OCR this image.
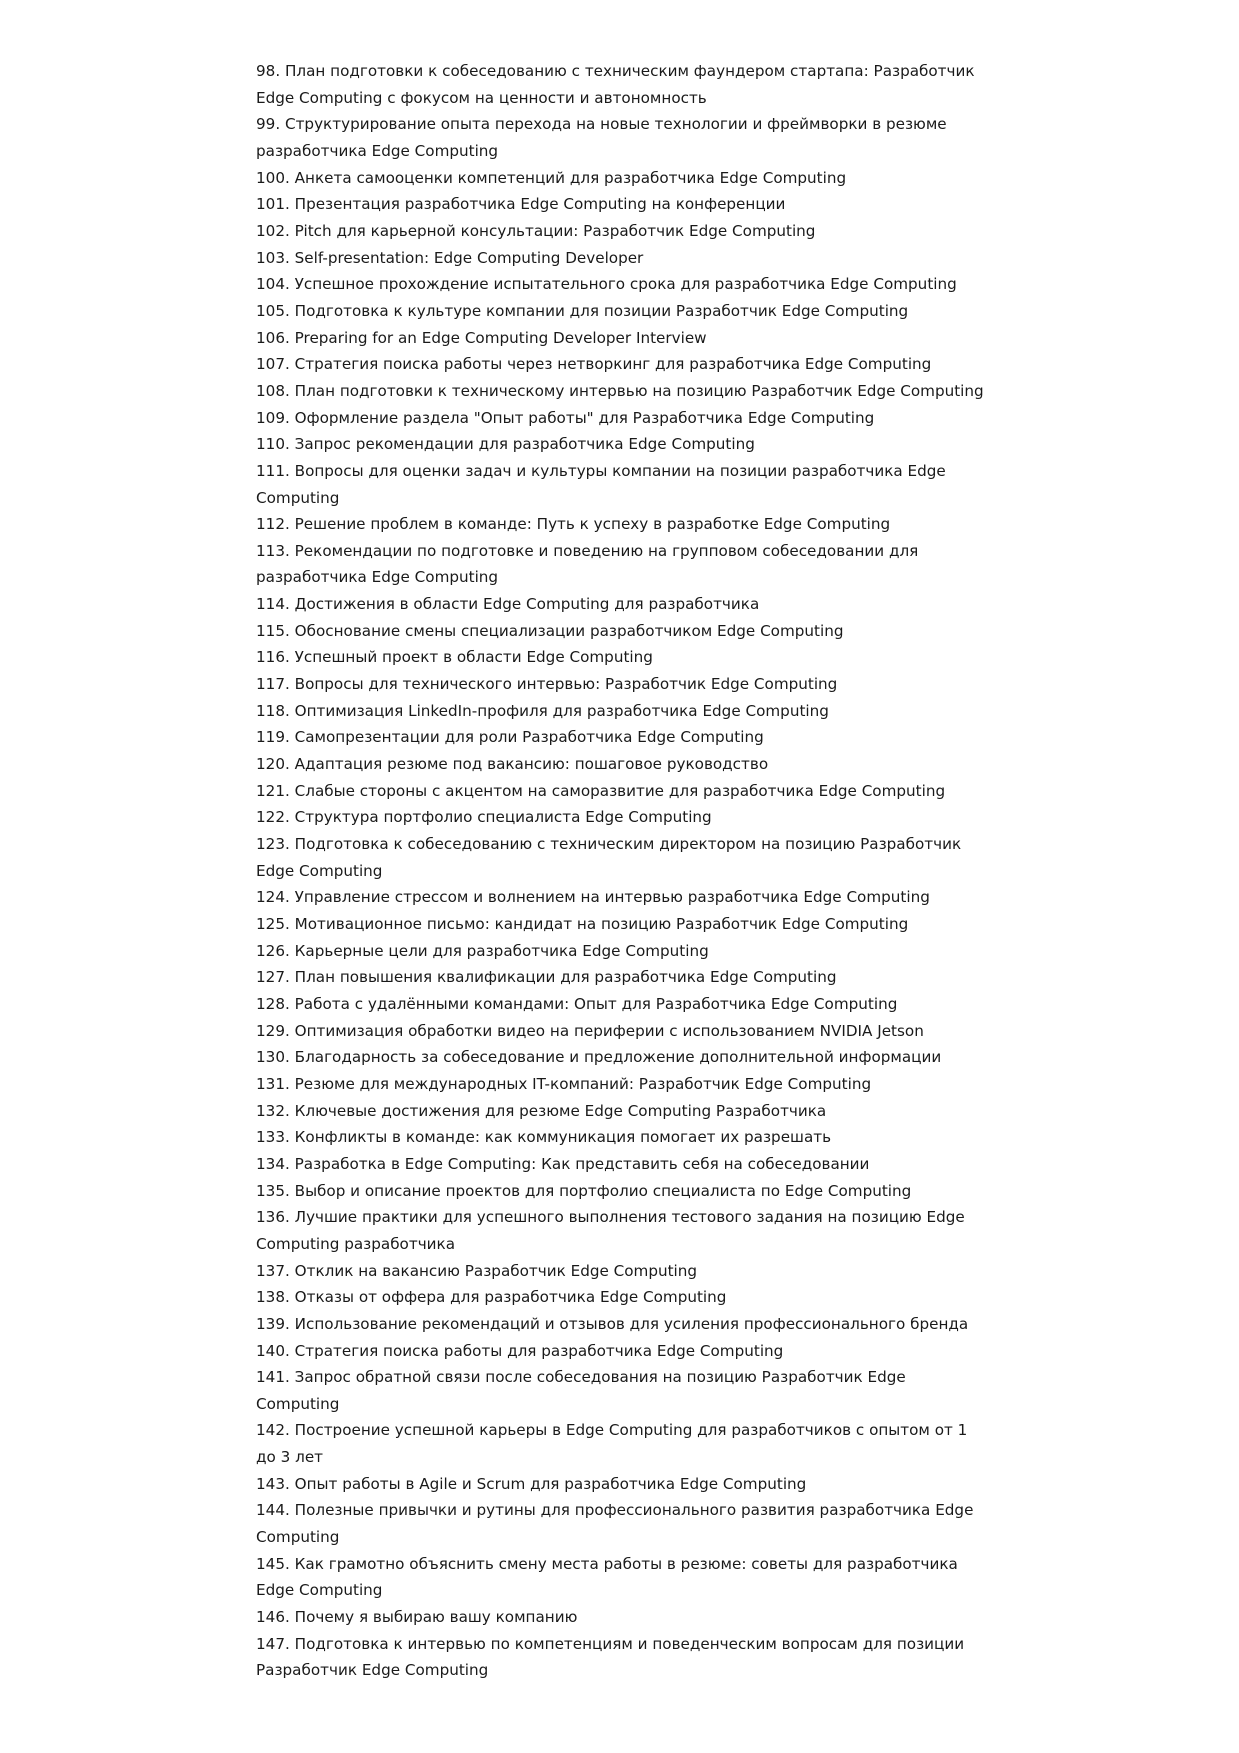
98. План подготовки к собеседованию с техническим фаундером стартапа: Разработчик Edge Computing с фокусом на ценности и автономность

99. Структурирование опыта перехода на новые технологии и фреймворки в резюме разработчика Edge Computing

100. Анкета самооценки компетенций для разработчика Edge Computing

101. Презентация разработчика Edge Computing на конференции

102. Pitch для карьерной консультации: Разработчик Edge Computing

103. Self-presentation: Edge Computing Developer

104. Успешное прохождение испытательного срока для разработчика Edge Computing

105. Подготовка к культуре компании для позиции Разработчик Edge Computing

106. Preparing for an Edge Computing Developer Interview

107. Стратегия поиска работы через нетворкинг для разработчика Edge Computing

108. План подготовки к техническому интервью на позицию Разработчик Edge Computing

109. Оформление раздела "Опыт работы" для Разработчика Edge Computing

110. Запрос рекомендации для разработчика Edge Computing

111. Вопросы для оценки задач и культуры компании на позиции разработчика Edge Computing

112. Решение проблем в команде: Путь к успеху в разработке Edge Computing

113. Рекомендации по подготовке и поведению на групповом собеседовании для разработчика Edge Computing

114. Достижения в области Edge Computing для разработчика

115. Обоснование смены специализации разработчиком Edge Computing

116. Успешный проект в области Edge Computing

117. Вопросы для технического интервью: Разработчик Edge Computing

118. Оптимизация LinkedIn-профиля для разработчика Edge Computing

119. Самопрезентации для роли Разработчика Edge Computing

120. Адаптация резюме под вакансию: пошаговое руководство

121. Слабые стороны с акцентом на саморазвитие для разработчика Edge Computing

122. Структура портфолио специалиста Edge Computing

123. Подготовка к собеседованию с техническим директором на позицию Разработчик Edge Computing

124. Управление стрессом и волнением на интервью разработчика Edge Computing

125. Мотивационное письмо: кандидат на позицию Разработчик Edge Computing

126. Карьерные цели для разработчика Edge Computing

127. План повышения квалификации для разработчика Edge Computing

128. Работа с удалёнными командами: Опыт для Разработчика Edge Computing

129. Оптимизация обработки видео на периферии с использованием NVIDIA Jetson

130. Благодарность за собеседование и предложение дополнительной информации

131. Резюме для международных IT-компаний: Разработчик Edge Computing

132. Ключевые достижения для резюме Edge Computing Разработчика

133. Конфликты в команде: как коммуникация помогает их разрешать

134. Разработка в Edge Computing: Как представить себя на собеседовании

135. Выбор и описание проектов для портфолио специалиста по Edge Computing

136. Лучшие практики для успешного выполнения тестового задания на позицию Edge Computing разработчика

137. Отклик на вакансию Разработчик Edge Computing

138. Отказы от оффера для разработчика Edge Computing

139. Использование рекомендаций и отзывов для усиления профессионального бренда

140. Стратегия поиска работы для разработчика Edge Computing

141. Запрос обратной связи после собеседования на позицию Разработчик Edge Computing

142. Построение успешной карьеры в Edge Computing для разработчиков с опытом от 1 до 3 лет

143. Опыт работы в Agile и Scrum для разработчика Edge Computing

144. Полезные привычки и рутины для профессионального развития разработчика Edge Computing

145. Как грамотно объяснить смену места работы в резюме: советы для разработчика Edge Computing

146. Почему я выбираю вашу компанию

147. Подготовка к интервью по компетенциям и поведенческим вопросам для позиции Разработчик Edge Computing
